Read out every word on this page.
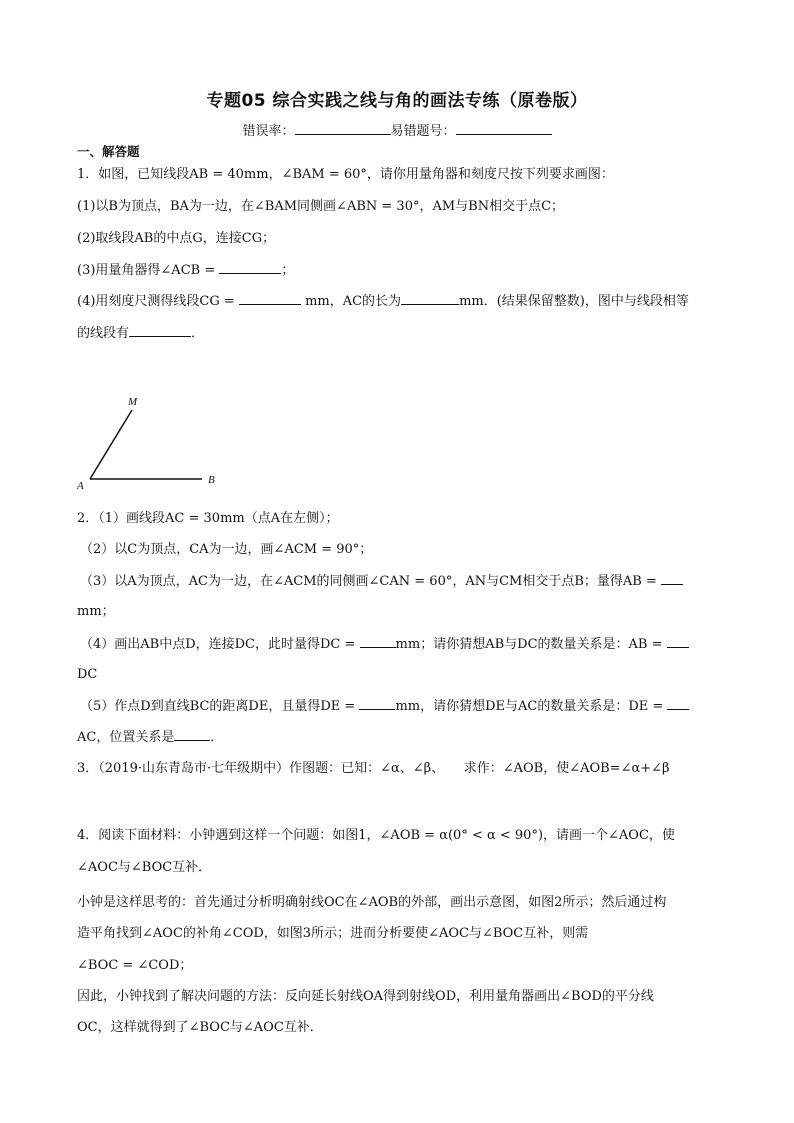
专题05 综合实践之线与角的画法专练（原卷版）
错误率：	易错题号：
一、解答题
1．如图，已知线段AB = 40mm，∠BAM = 60°，请你用量角器和刻度尺按下列要求画图：
(1)以B为顶点，BA为一边，在∠BAM同侧画∠ABN = 30°，AM与BN相交于点C；
(2)取线段AB的中点G，连接CG；
(3)用量角器得∠ACB =	；
(4)用刻度尺测得线段CG =	mm，AC的长为	mm．(结果保留整数)，图中与线段相等
的线段有	．
M
A	B
2．（1）画线段AC = 30mm（点A在左侧）；
（2）以C为顶点，CA为一边，画∠ACM = 90°；
（3）以A为顶点，AC为一边，在∠ACM的同侧画∠CAN = 60°，AN与CM相交于点B；量得AB =
mm；
（4）画出AB中点D，连接DC，此时量得DC =	mm；请你猜想AB与DC的数量关系是：AB =
DC
（5）作点D到直线BC的距离DE，且量得DE =	mm，请你猜想DE与AC的数量关系是：DE =
AC，位置关系是	．
3．（2019·山东青岛市·七年级期中）作图题：已知：∠α、∠β、　　求作：∠AOB，使∠AOB=∠α+∠β
4．阅读下面材料：小钟遇到这样一个问题：如图1，∠AOB = α(0° < α < 90°)，请画一个∠AOC，使
∠AOC与∠BOC互补．
小钟是这样思考的：首先通过分析明确射线OC在∠AOB的外部，画出示意图，如图2所示；然后通过构
造平角找到∠AOC的补角∠COD，如图3所示；进而分析要使∠AOC与∠BOC互补，则需
∠BOC = ∠COD；
因此，小钟找到了解决问题的方法：反向延长射线OA得到射线OD，利用量角器画出∠BOD的平分线
OC，这样就得到了∠BOC与∠AOC互补．
